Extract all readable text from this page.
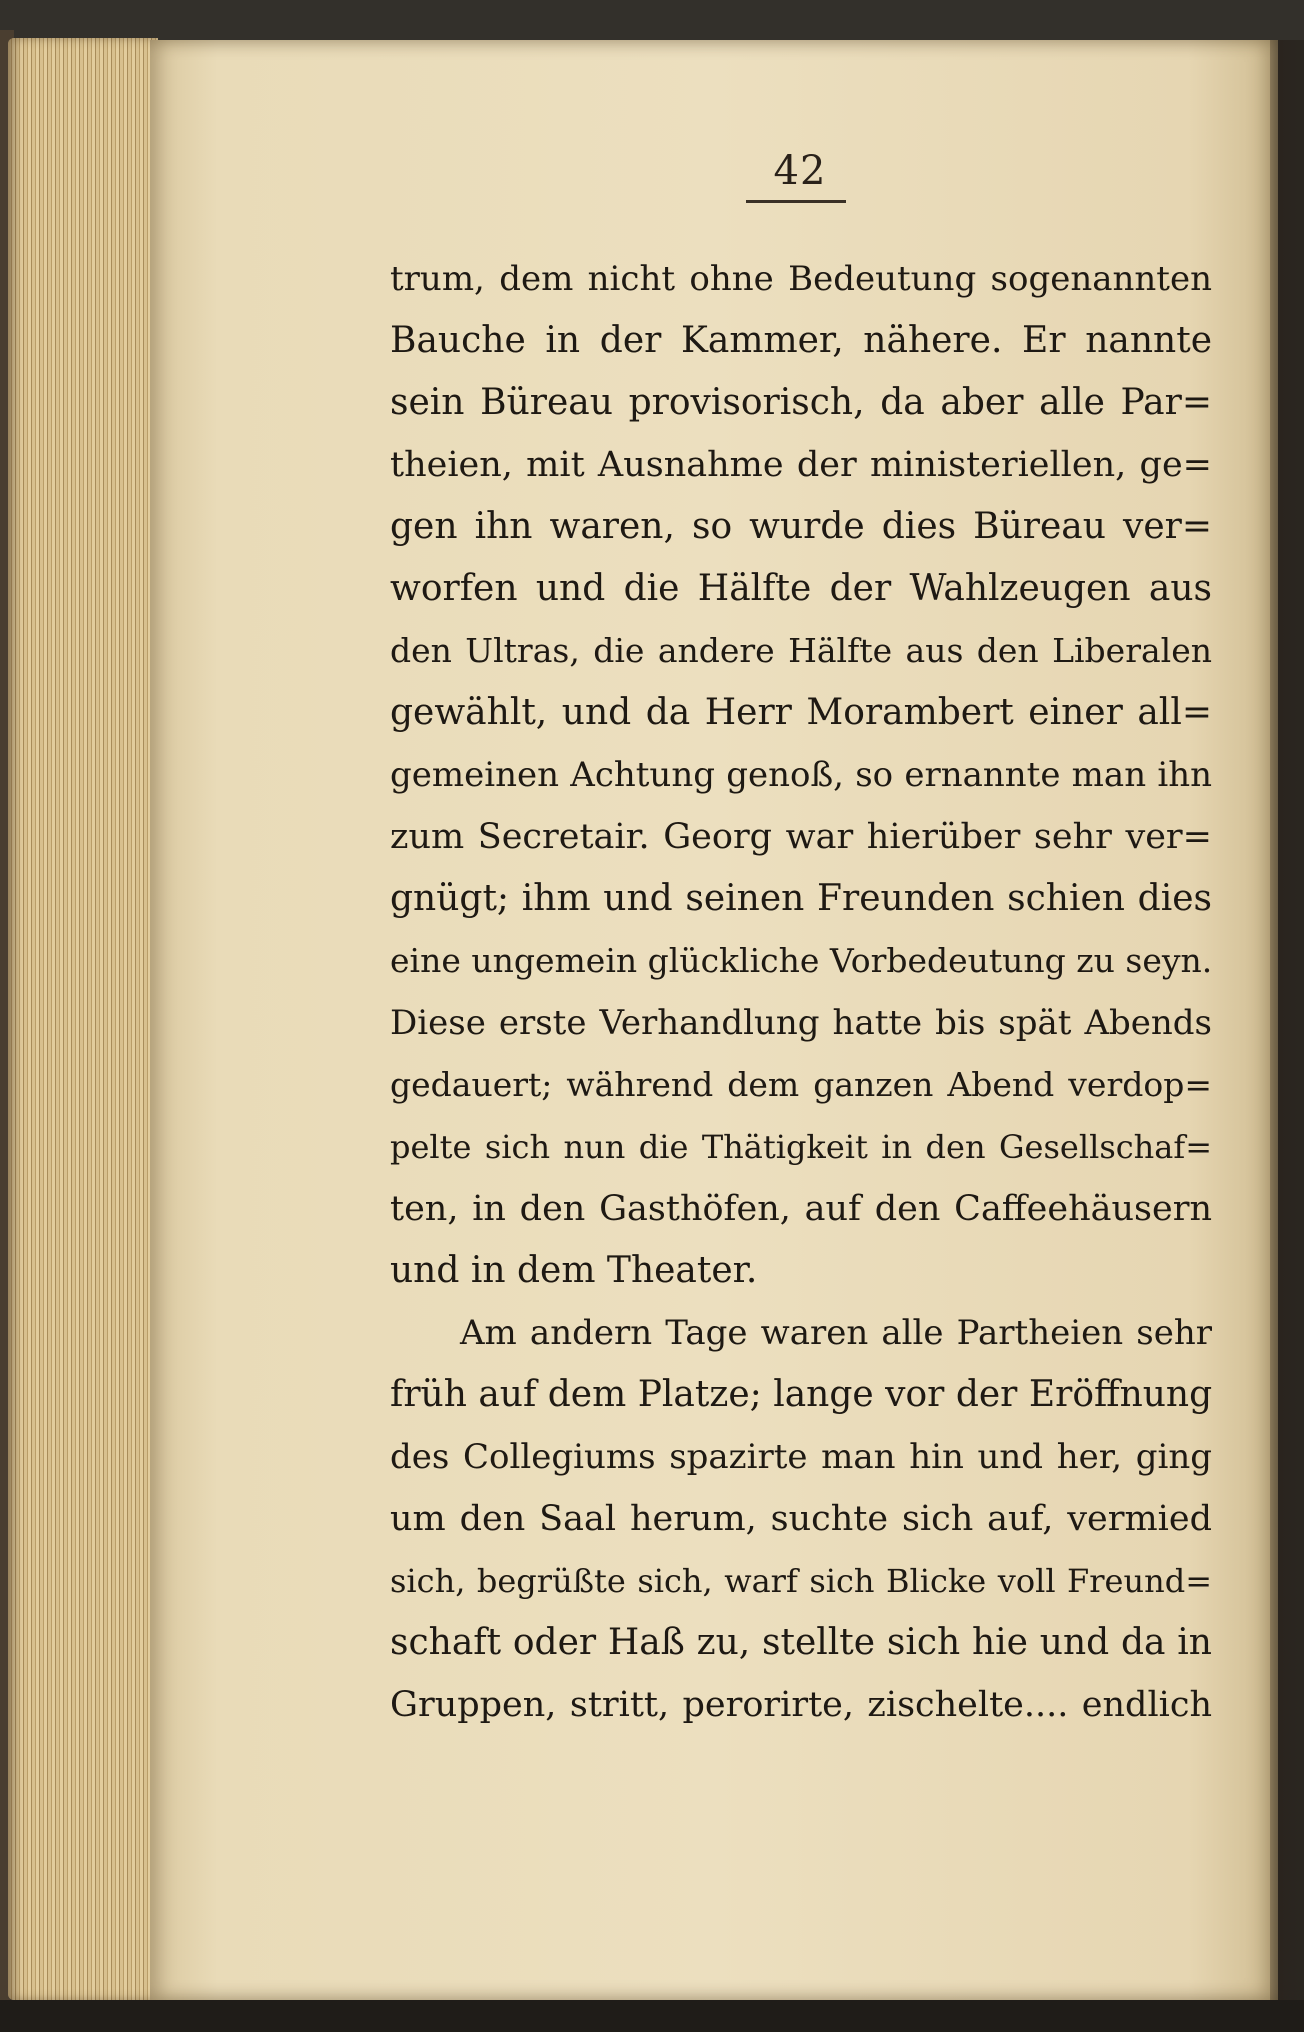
42
trum, dem nicht ohne Bedeutung sogenannten
Bauche in der Kammer, nähere. Er nannte
sein Büreau provisorisch, da aber alle Par=
theien, mit Ausnahme der ministeriellen, ge=
gen ihn waren, so wurde dies Büreau ver=
worfen und die Hälfte der Wahlzeugen aus
den Ultras, die andere Hälfte aus den Liberalen
gewählt, und da Herr Morambert einer all=
gemeinen Achtung genoß, so ernannte man ihn
zum Secretair. Georg war hierüber sehr ver=
gnügt; ihm und seinen Freunden schien dies
eine ungemein glückliche Vorbedeutung zu seyn.
Diese erste Verhandlung hatte bis spät Abends
gedauert; während dem ganzen Abend verdop=
pelte sich nun die Thätigkeit in den Gesellschaf=
ten, in den Gasthöfen, auf den Caffeehäusern
und in dem Theater.
Am andern Tage waren alle Partheien sehr
früh auf dem Platze; lange vor der Eröffnung
des Collegiums spazirte man hin und her, ging
um den Saal herum, suchte sich auf, vermied
sich, begrüßte sich, warf sich Blicke voll Freund=
schaft oder Haß zu, stellte sich hie und da in
Gruppen, stritt, perorirte, zischelte.... endlich
